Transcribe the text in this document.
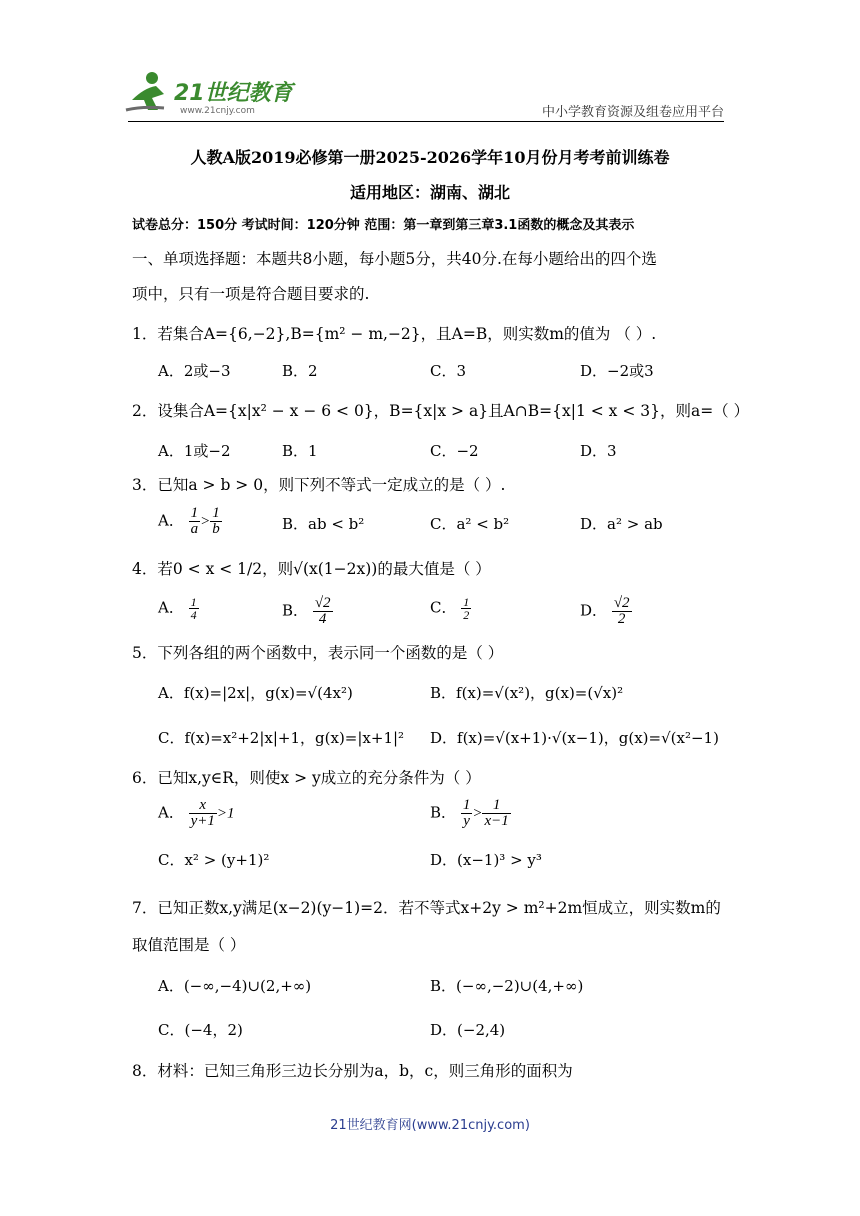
21世纪教育
www.21cnjy.com	中小学教育资源及组卷应用平台
人教A版2019必修第一册2025-2026学年10月份月考考前训练卷
适用地区：湖南、湖北
试卷总分：150分 考试时间：120分钟 范围：第一章到第三章3.1函数的概念及其表示
一、单项选择题：本题共8小题，每小题5分，共40分.在每小题给出的四个选
项中，只有一项是符合题目要求的.
1．若集合A={6,−2},B={m² − m,−2}，且A=B，则实数m的值为 （ ）.
A．2或−3	B．2	C．3	D．−2或3
2．设集合A={x|x² − x − 6 < 0}，B={x|x > a}且A∩B={x|1 < x < 3}，则a=（ ）
A．1或−2	B．1	C．−2	D．3
3．已知a > b > 0，则下列不等式一定成立的是（ ）.
A． $\frac{1}{a} > \frac{1}{b}$	B．ab < b²	C．a² < b²	D．a² > ab
4．若0 < x < 1/2，则√(x(1−2x))的最大值是（ ）
A． $\frac{1}{4}$	B． $\frac{√2}{4}$	C． $\frac{1}{2}$	D． $\frac{√2}{2}$
5．下列各组的两个函数中，表示同一个函数的是（ ）
A．f(x)=|2x|，g(x)=√(4x²)	B．f(x)=√(x²)，g(x)=(√x)²
C．f(x)=x²+2|x|+1，g(x)=|x+1|² D．f(x)=√(x+1)·√(x−1)，g(x)=√(x²−1)
6．已知x,y∈R，则使x > y成立的充分条件为（ ）
A． $\frac{x}{y+1} >1$	B． $\frac{1}{y} > \frac{1}{x-1}$
C．x² > (y+1)²	D．(x−1)³ > y³
7．已知正数x,y满足(x−2)(y−1)=2．若不等式x+2y > m²+2m恒成立，则实数m的
取值范围是（ ）
A．(−∞,−4)∪(2,+∞)	B．(−∞,−2)∪(4,+∞)
C．(−4，2)	D．(−2,4)
8．材料：已知三角形三边长分别为a，b，c，则三角形的面积为
21世纪教育网(www.21cnjy.com)
